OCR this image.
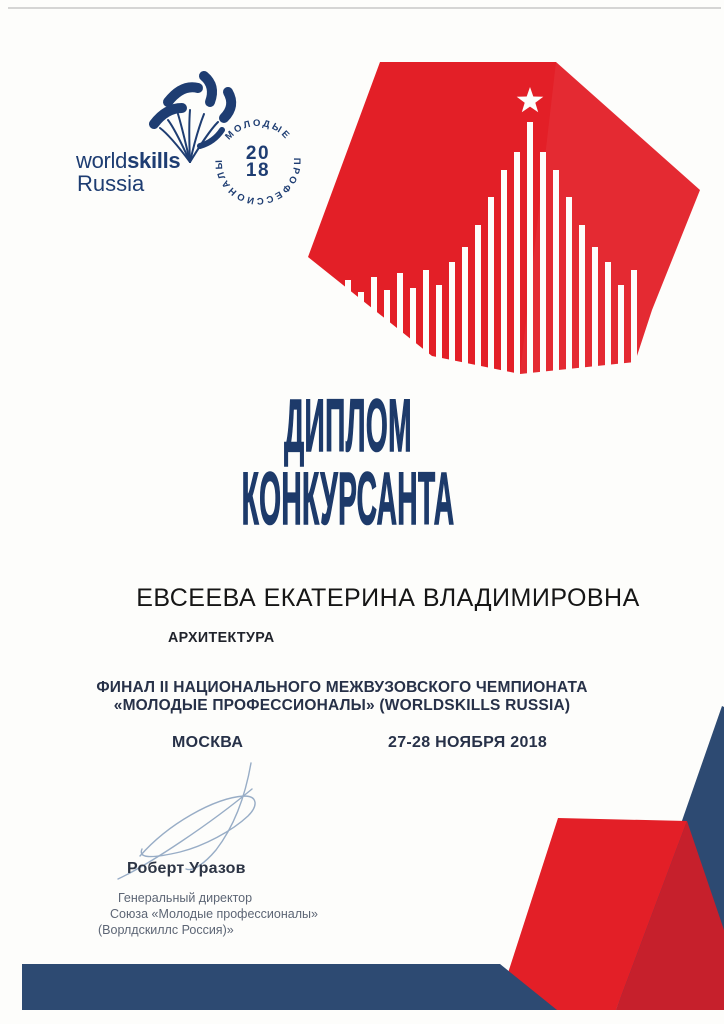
worldskills
Russia
МОЛОДЫЕ
ПРОФЕССИОНАЛЫ	20
18
ДИПЛОМ
КОНКУРСАНТА
ЕВСЕЕВА ЕКАТЕРИНА ВЛАДИМИРОВНА
АРХИТЕКТУРА
ФИНАЛ II НАЦИОНАЛЬНОГО МЕЖВУЗОВСКОГО ЧЕМПИОНАТА
«МОЛОДЫЕ ПРОФЕССИОНАЛЫ» (WORLDSKILLS RUSSIA)
МОСКВА	27-28 НОЯБРЯ 2018
Роберт Уразов
Генеральный директор
Союза «Молодые профессионалы»
(Ворлдскиллс Россия)»
